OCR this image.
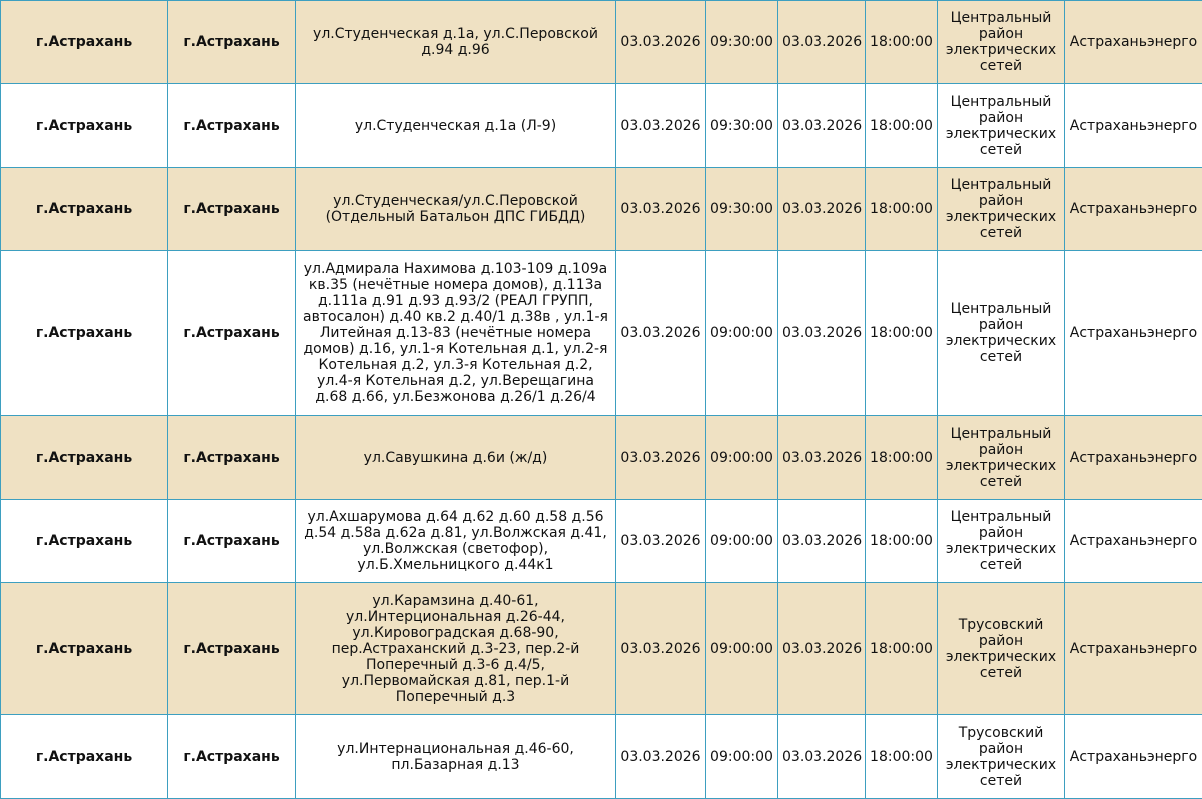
г.Астрахань	г.Астрахань	ул.Студенческая д.1а, ул.С.Перовской д.94 д.96	03.03.2026	09:30:00	03.03.2026	18:00:00	Центральный район электрических сетей	Астраханьэнерго
г.Астрахань	г.Астрахань	ул.Студенческая д.1а (Л-9)	03.03.2026	09:30:00	03.03.2026	18:00:00	Центральный район электрических сетей	Астраханьэнерго
г.Астрахань	г.Астрахань	ул.Студенческая/ул.С.Перовской (Отдельный Батальон ДПС ГИБДД)	03.03.2026	09:30:00	03.03.2026	18:00:00	Центральный район электрических сетей	Астраханьэнерго
г.Астрахань	г.Астрахань	ул.Адмирала Нахимова д.103-109 д.109а кв.35 (нечётные номера домов), д.113а д.111а д.91 д.93 д.93/2 (РЕАЛ ГРУПП, автосалон) д.40 кв.2 д.40/1 д.38в , ул.1-я Литейная д.13-83 (нечётные номера домов) д.16, ул.1-я Котельная д.1, ул.2-я Котельная д.2, ул.3-я Котельная д.2, ул.4-я Котельная д.2, ул.Верещагина д.68 д.66, ул.Безжонова д.26/1 д.26/4	03.03.2026	09:00:00	03.03.2026	18:00:00	Центральный район электрических сетей	Астраханьэнерго
г.Астрахань	г.Астрахань	ул.Савушкина д.6и (ж/д)	03.03.2026	09:00:00	03.03.2026	18:00:00	Центральный район электрических сетей	Астраханьэнерго
г.Астрахань	г.Астрахань	ул.Ахшарумова д.64 д.62 д.60 д.58 д.56 д.54 д.58а д.62а д.81, ул.Волжская д.41, ул.Волжская (светофор), ул.Б.Хмельницкого д.44к1	03.03.2026	09:00:00	03.03.2026	18:00:00	Центральный район электрических сетей	Астраханьэнерго
г.Астрахань	г.Астрахань	ул.Карамзина д.40-61, ул.Интерциональная д.26-44, ул.Кировоградская д.68-90, пер.Астраханский д.3-23, пер.2-й Поперечный д.3-6 д.4/5, ул.Первомайская д.81, пер.1-й Поперечный д.3	03.03.2026	09:00:00	03.03.2026	18:00:00	Трусовский район электрических сетей	Астраханьэнерго
г.Астрахань	г.Астрахань	ул.Интернациональная д.46-60, пл.Базарная д.13	03.03.2026	09:00:00	03.03.2026	18:00:00	Трусовский район электрических сетей	Астраханьэнерго
